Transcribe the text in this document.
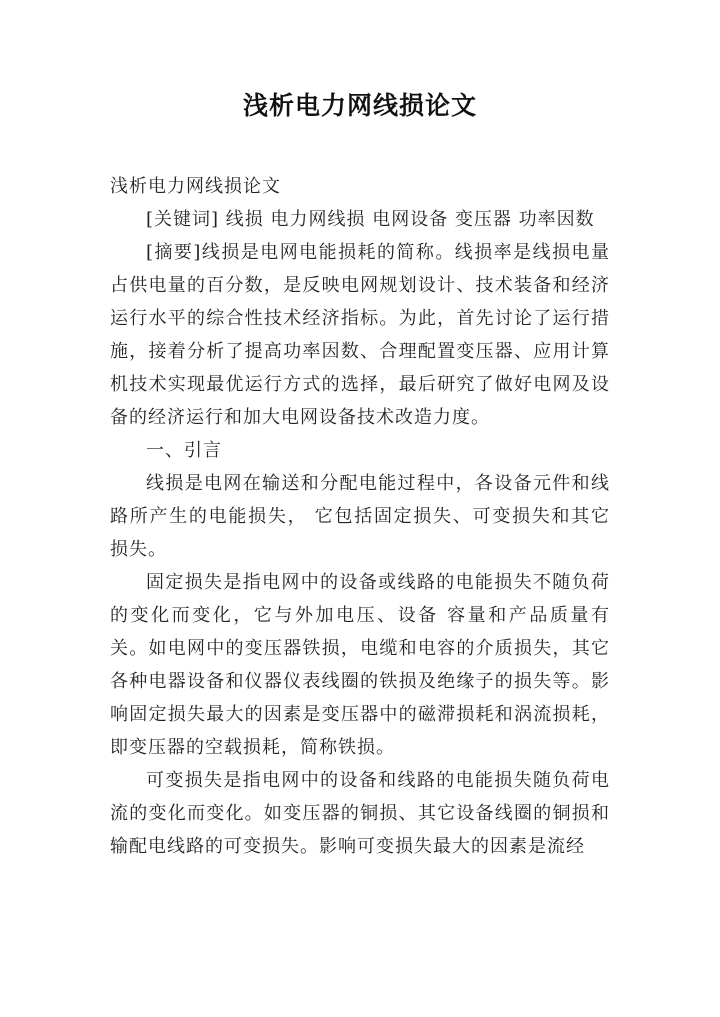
浅析电力网线损论文

浅析电力网线损论文

[关键词] 线损 电力网线损 电网设备 变压器 功率因数

[摘要]线损是电网电能损耗的简称。线损率是线损电量占供电量的百分数，是反映电网规划设计、技术装备和经济运行水平的综合性技术经济指标。为此，首先讨论了运行措施，接着分析了提高功率因数、合理配置变压器、应用计算机技术实现最优运行方式的选择，最后研究了做好电网及设备的经济运行和加大电网设备技术改造力度。

一、引言

线损是电网在输送和分配电能过程中，各设备元件和线路所产生的电能损失， 它包括固定损失、可变损失和其它损失。

固定损失是指电网中的设备或线路的电能损失不随负荷的变化而变化，它与外加电压、设备 容量和产品质量有关。如电网中的变压器铁损，电缆和电容的介质损失，其它各种电器设备和仪器仪表线圈的铁损及绝缘子的损失等。影响固定损失最大的因素是变压器中的磁滞损耗和涡流损耗，即变压器的空载损耗，简称铁损。

可变损失是指电网中的设备和线路的电能损失随负荷电流的变化而变化。如变压器的铜损、其它设备线圈的铜损和输配电线路的可变损失。影响可变损失最大的因素是流经
